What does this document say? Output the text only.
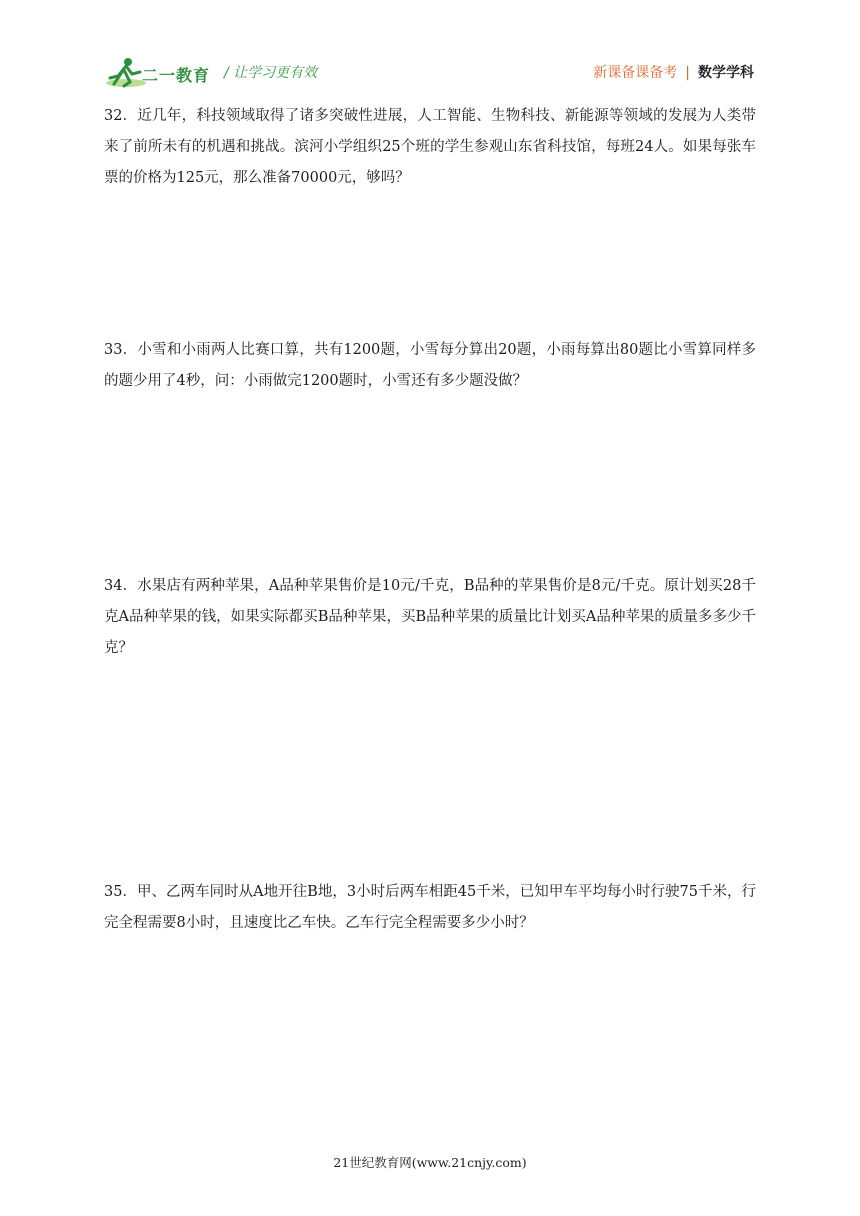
二一教育 / 让学习更有效	新课备课备考 | 数学学科
32．近几年，科技领域取得了诸多突破性进展，人工智能、生物科技、新能源等领域的发展为人类带来了前所未有的机遇和挑战。滨河小学组织25个班的学生参观山东省科技馆，每班24人。如果每张车票的价格为125元，那么准备70000元，够吗？
33．小雪和小雨两人比赛口算，共有1200题，小雪每分算出20题，小雨每算出80题比小雪算同样多的题少用了4秒，问：小雨做完1200题时，小雪还有多少题没做？
34．水果店有两种苹果，A品种苹果售价是10元/千克，B品种的苹果售价是8元/千克。原计划买28千克A品种苹果的钱，如果实际都买B品种苹果，买B品种苹果的质量比计划买A品种苹果的质量多多少千克？
35．甲、乙两车同时从A地开往B地，3小时后两车相距45千米，已知甲车平均每小时行驶75千米，行完全程需要8小时，且速度比乙车快。乙车行完全程需要多少小时？
21世纪教育网(www.21cnjy.com)
